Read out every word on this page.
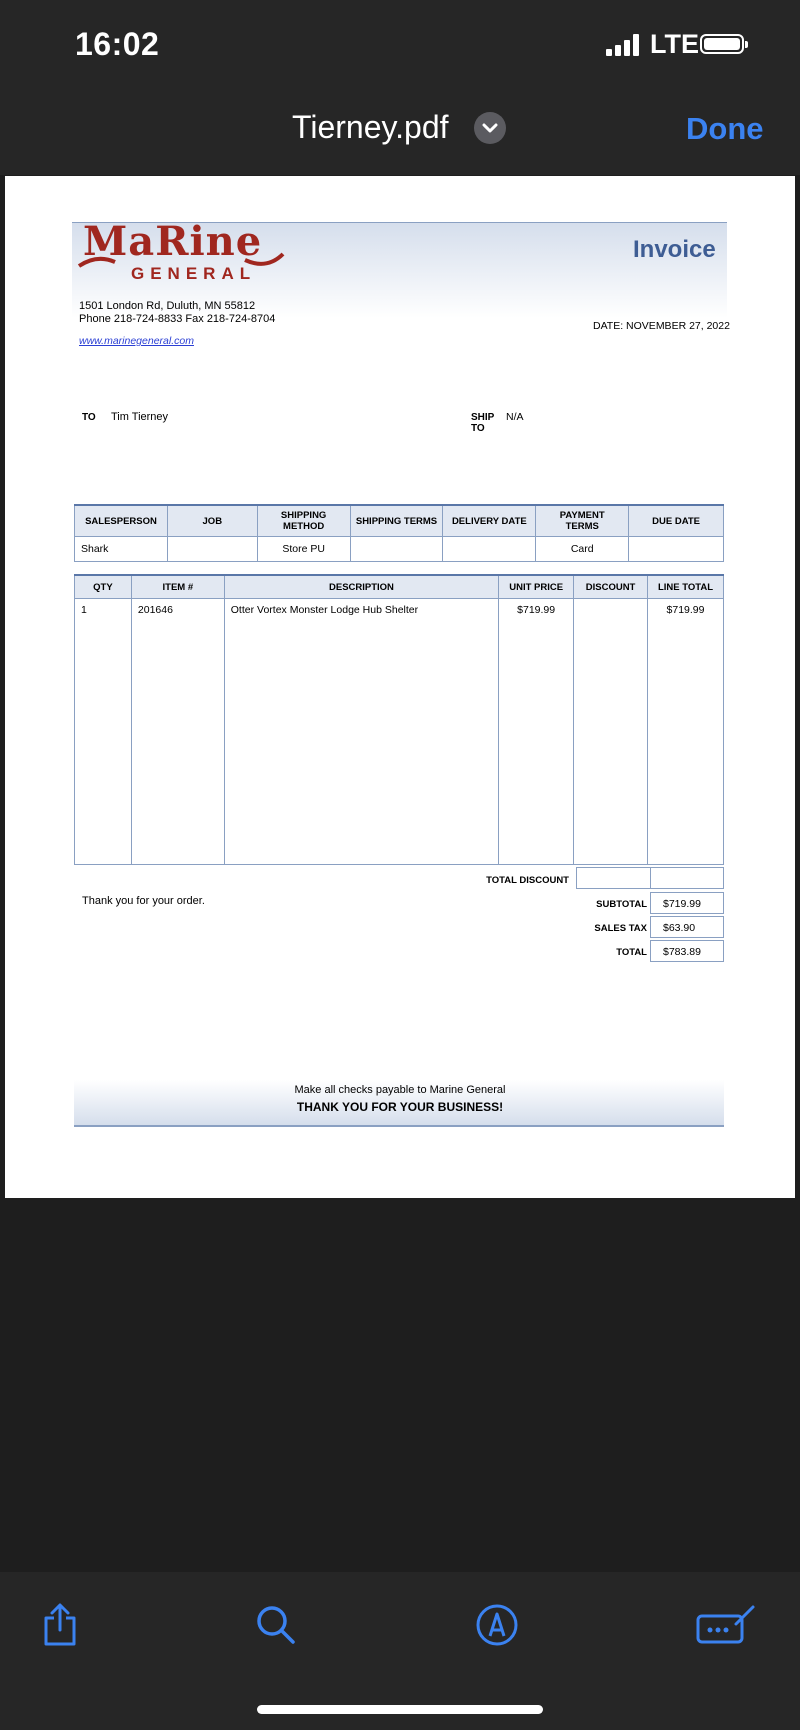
16:02	LTE
Tierney.pdf	Done
MaRine
GENERAL
Invoice
1501 London Rd, Duluth, MN 55812
Phone 218-724-8833 Fax 218-724-8704
www.marinegeneral.com
DATE: NOVEMBER 27, 2022
TO Tim Tierney	SHIP
TO
N/A
SALESPERSON	JOB	SHIPPING METHOD	SHIPPING TERMS	DELIVERY DATE	PAYMENT TERMS	DUE DATE
Shark		Store PU			Card	
QTY	ITEM #	DESCRIPTION	UNIT PRICE	DISCOUNT	LINE TOTAL
1	201646	Otter Vortex Monster Lodge Hub Shelter	$719.99		$719.99
TOTAL DISCOUNT
Thank you for your order.	SUBTOTAL	$719.99
SALES TAX	$63.90
TOTAL	$783.89
Make all checks payable to Marine General
THANK YOU FOR YOUR BUSINESS!
